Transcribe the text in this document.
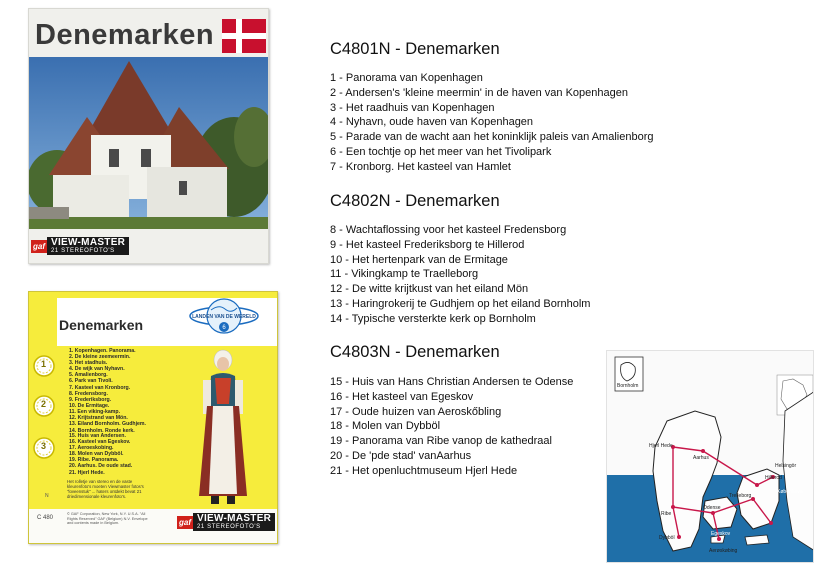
Denemarken
gaf VIEW-MASTER
21 STEREOFOTO'S
Denemarken	6
LANDEN VAN DE WERELD
1
2
3
1. Kopenhagen. Panorama.
2. De kleine zeemeermin.
3. Het stadhuis.
4. De wijk van Nyhavn.
5. Amalienborg.
6. Park van Tivoli.
7. Kasteel van Kronborg.
8. Fredensborg.
9. Frederiksborg.
10. De Ermitage.
11. Een viking-kamp.
12. Krijtstrand van Mön.
13. Eiland Bornholm. Gudhjem.
14. Bornholm. Ronde kerk.
15. Huis van Andersen.
16. Kasteel van Egeskov.
17. Aeroeskobing.
18. Molen van Dybböl.
19. Ribe. Panorama.
20. Aarhus. De oude stad.
21. Hjerl Hede.
Het rolletje van stereo en de vaste kleurenfoto's moeten Viewmaster fotos's "loveenstuk" ... haters ontdekt bevat 21 driedimensionale kleurenfoto's.
N
C 480
© GAF Corporation, New York, N.Y. U.S.A. "All Rights Reserved" GAF (Belgium) N.V. Envelope and contents made in Belgium.	gaf VIEW-MASTER
21 STEREOFOTO'S
C4801N - Denemarken
1 - Panorama van Kopenhagen
2 - Andersen's 'kleine meermin' in de haven van Kopenhagen
3 - Het raadhuis van Kopenhagen
4 - Nyhavn, oude haven van Kopenhagen
5 - Parade van de wacht aan het koninklijk paleis van Amalienborg
6 - Een tochtje op het meer van het Tivolipark
7 - Kronborg. Het kasteel van Hamlet
C4802N - Denemarken
8 - Wachtaflossing voor het kasteel Fredensborg
9 - Het kasteel Frederiksborg te Hillerod
10 - Het hertenpark van de Ermitage
11 - Vikingkamp te Traelleborg
12 - De witte krijtkust van het eiland Mön
13 - Haringrokerij te Gudhjem op het eiland Bornholm
14 - Typische versterkte kerk op Bornholm
C4803N - Denemarken
15 - Huis van Hans Christian Andersen te Odense
16 - Het kasteel van Egeskov
17 - Oude huizen van Aeroskőbling
18 - Molen van Dybböl
19 - Panorama van Ribe vanop de kathedraal
20 - De 'pde stad' vanAarhus
21 - Het openluchtmuseum Hjerl Hede
Bornholm
Hjerl Hede
Aarhus
Helsingör
Hillerod
København
Trelleborg
Ribe
Odense
Egeskov
Dybböl
Aerøskøbing
